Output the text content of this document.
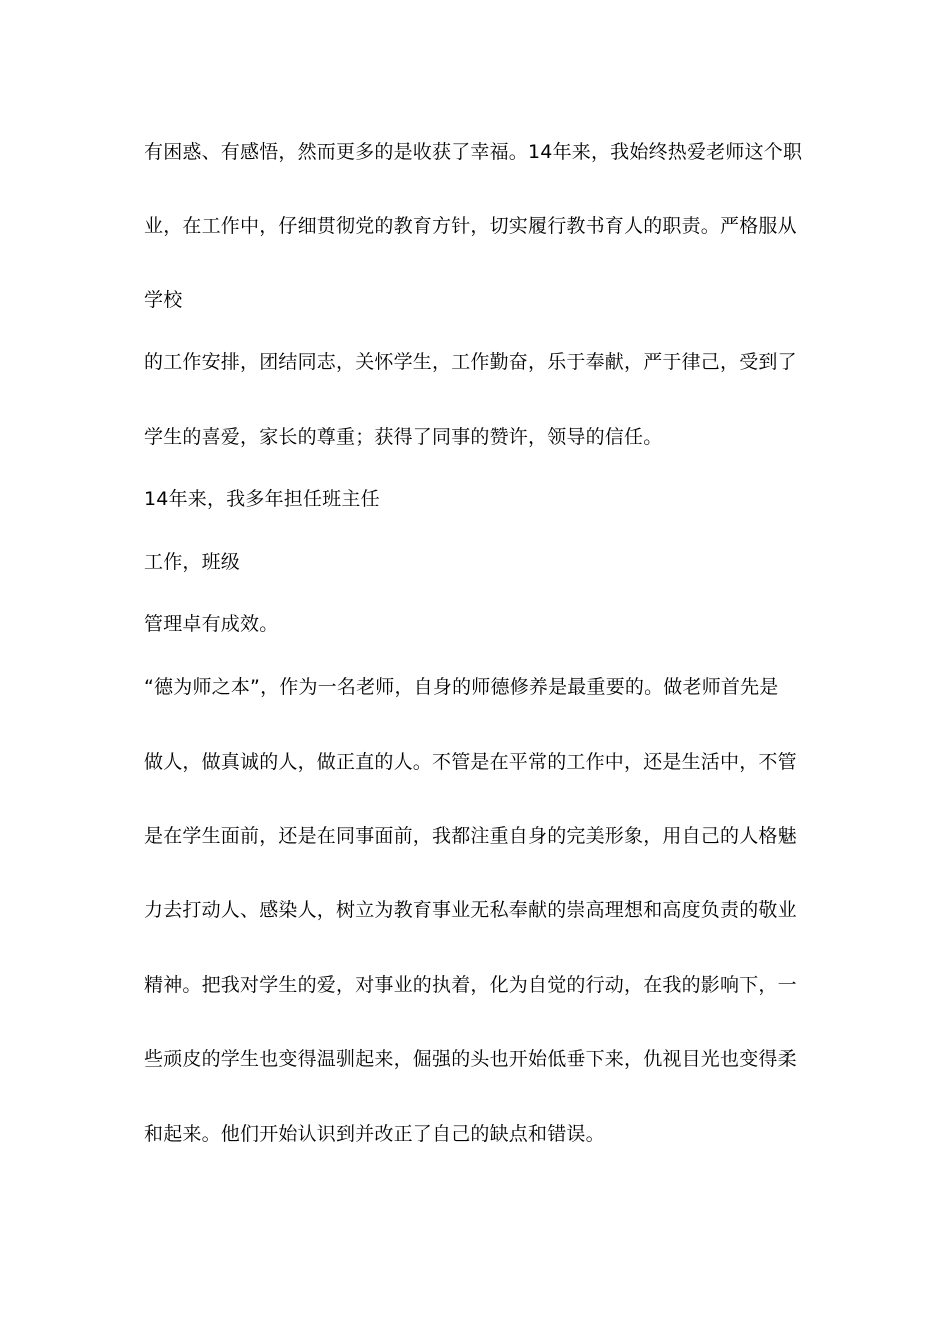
有困惑、有感悟，然而更多的是收获了幸福。14年来，我始终热爱老师这个职
业，在工作中，仔细贯彻党的教育方针，切实履行教书育人的职责。严格服从
学校
的工作安排，团结同志，关怀学生，工作勤奋，乐于奉献，严于律己，受到了
学生的喜爱，家长的尊重；获得了同事的赞许，领导的信任。
14年来，我多年担任班主任
工作，班级
管理卓有成效。
“德为师之本”，作为一名老师，自身的师德修养是最重要的。做老师首先是
做人，做真诚的人，做正直的人。不管是在平常的工作中，还是生活中，不管
是在学生面前，还是在同事面前，我都注重自身的完美形象，用自己的人格魅
力去打动人、感染人，树立为教育事业无私奉献的崇高理想和高度负责的敬业
精神。把我对学生的爱，对事业的执着，化为自觉的行动，在我的影响下，一
些顽皮的学生也变得温驯起来，倔强的头也开始低垂下来，仇视目光也变得柔
和起来。他们开始认识到并改正了自己的缺点和错误。
